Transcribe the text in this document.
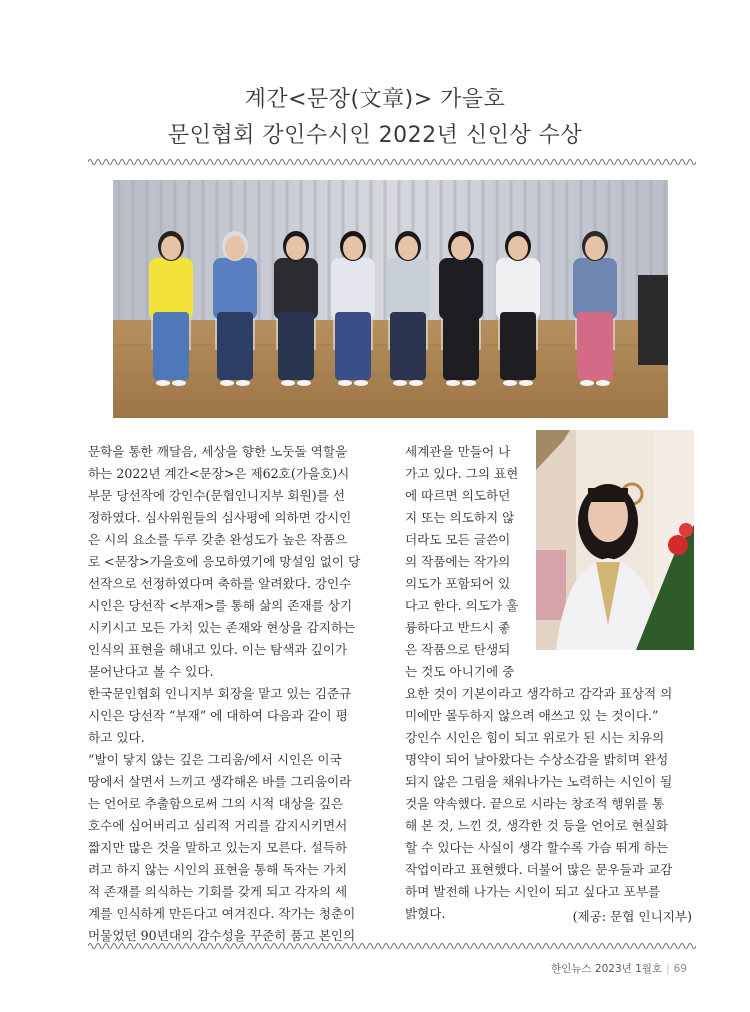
계간<문장(文章)> 가을호
문인협회 강인수시인 2022년 신인상 수상
문학을 통한 깨달음, 세상을 향한 노둣돌 역할을
하는 2022년 계간<문장>은 제62호(가을호)시
부문 당선작에 강인수(문협인니지부 회원)를 선
정하였다. 심사위원들의 심사평에 의하면 강시인
은 시의 요소를 두루 갖춘 완성도가 높은 작품으
로 <문장>가을호에 응모하였기에 망설임 없이 당
선작으로 선정하였다며 축하를 알려왔다. 강인수
시인은 당선작 <부재>를 통해 삶의 존재를 상기
시키시고 모든 가치 있는 존재와 현상을 감지하는
인식의 표현을 해내고 있다. 이는 탐색과 깊이가
묻어난다고 볼 수 있다.
한국문인협회 인니지부 회장을 맡고 있는 김준규
시인은 당선작 “부재” 에 대하여 다음과 같이 평
하고 있다.
“발이 닿지 않는 깊은 그리움/에서 시인은 이국
땅에서 살면서 느끼고 생각해온 바를 그리움이라
는 언어로 추출함으로써 그의 시적 대상을 깊은
호수에 심어버리고 심리적 거리를 감지시키면서
짧지만 많은 것을 말하고 있는지 모른다. 설득하
려고 하지 않는 시인의 표현을 통해 독자는 가치
적 존재를 의식하는 기회를 갖게 되고 각자의 세
계를 인식하게 만든다고 여겨진다. 작가는 청춘이
머물었던 90년대의 감수성을 꾸준히 품고 본인의
세계관을 만들어 나
가고 있다. 그의 표현
에 따르면 의도하던
지 또는 의도하지 않
더라도 모든 글쓴이
의 작품에는 작가의
의도가 포함되어 있
다고 한다. 의도가 훌
륭하다고 반드시 좋
은 작품으로 탄생되
는 것도 아니기에 중
요한 것이 기본이라고 생각하고 감각과 표상적 의
미에만 몰두하지 않으려 애쓰고 있 는 것이다.”
강인수 시인은 힘이 되고 위로가 된 시는 치유의
명약이 되어 날아왔다는 수상소감을 밝히며 완성
되지 않은 그림을 채워나가는 노력하는 시인이 될
것을 약속했다. 끝으로 시라는 창조적 행위를 통
해 본 것, 느낀 것, 생각한 것 등을 언어로 현실화
할 수 있다는 사실이 생각 할수록 가슴 뛰게 하는
작업이라고 표현했다. 더불어 많은 문우들과 교감
하며 발전해 나가는 시인이 되고 싶다고 포부를
밝혔다.	(제공: 문협 인니지부)
한인뉴스 2023년 1월호 | 69
